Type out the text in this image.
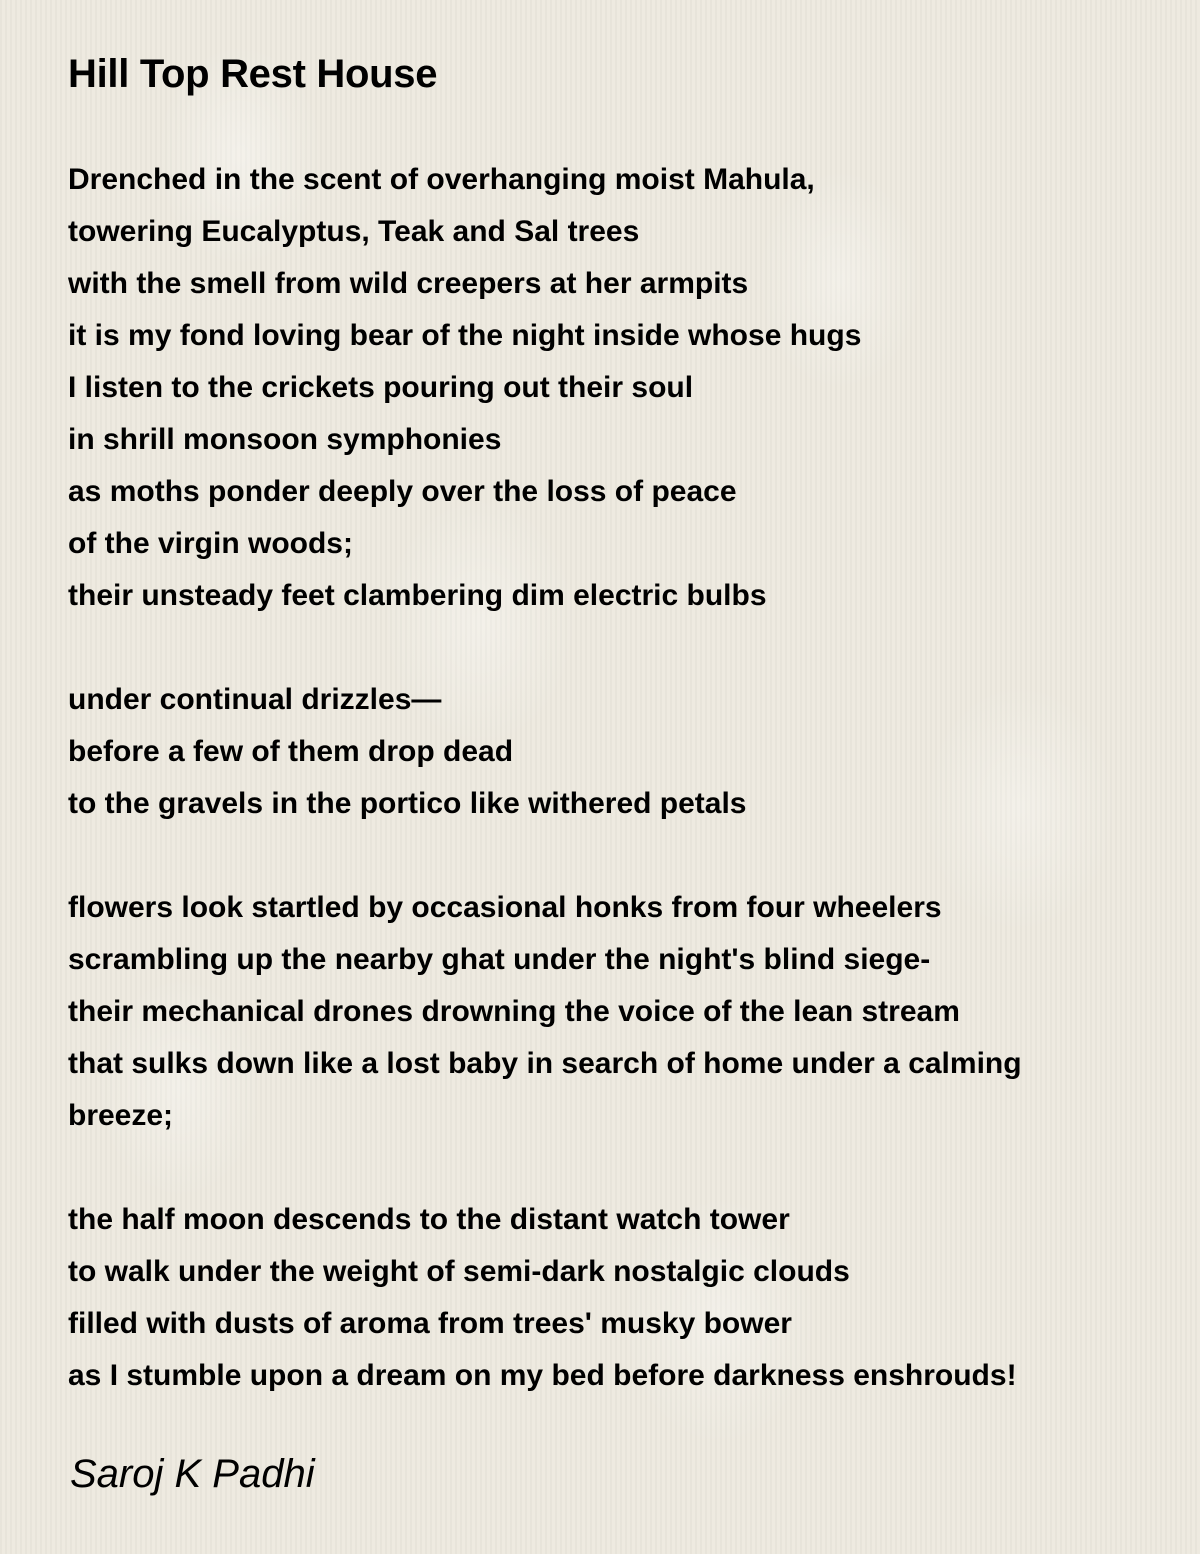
Hill Top Rest House
Drenched in the scent of overhanging moist Mahula,
towering Eucalyptus, Teak and Sal trees
with the smell from wild creepers at her armpits
it is my fond loving bear of the night inside whose hugs
I listen to the crickets pouring out their soul
in shrill monsoon symphonies
as moths ponder deeply over the loss of peace
of the virgin woods;
their unsteady feet clambering dim electric bulbs
under continual drizzles—
before a few of them drop dead
to the gravels in the portico like withered petals
flowers look startled by occasional honks from four wheelers
scrambling up the nearby ghat under the night's blind siege-
their mechanical drones drowning the voice of the lean stream
that sulks down like a lost baby in search of home under a calming
breeze;
the half moon descends to the distant watch tower
to walk under the weight of semi-dark nostalgic clouds
filled with dusts of aroma from trees' musky bower
as I stumble upon a dream on my bed before darkness enshrouds!
Saroj K Padhi
